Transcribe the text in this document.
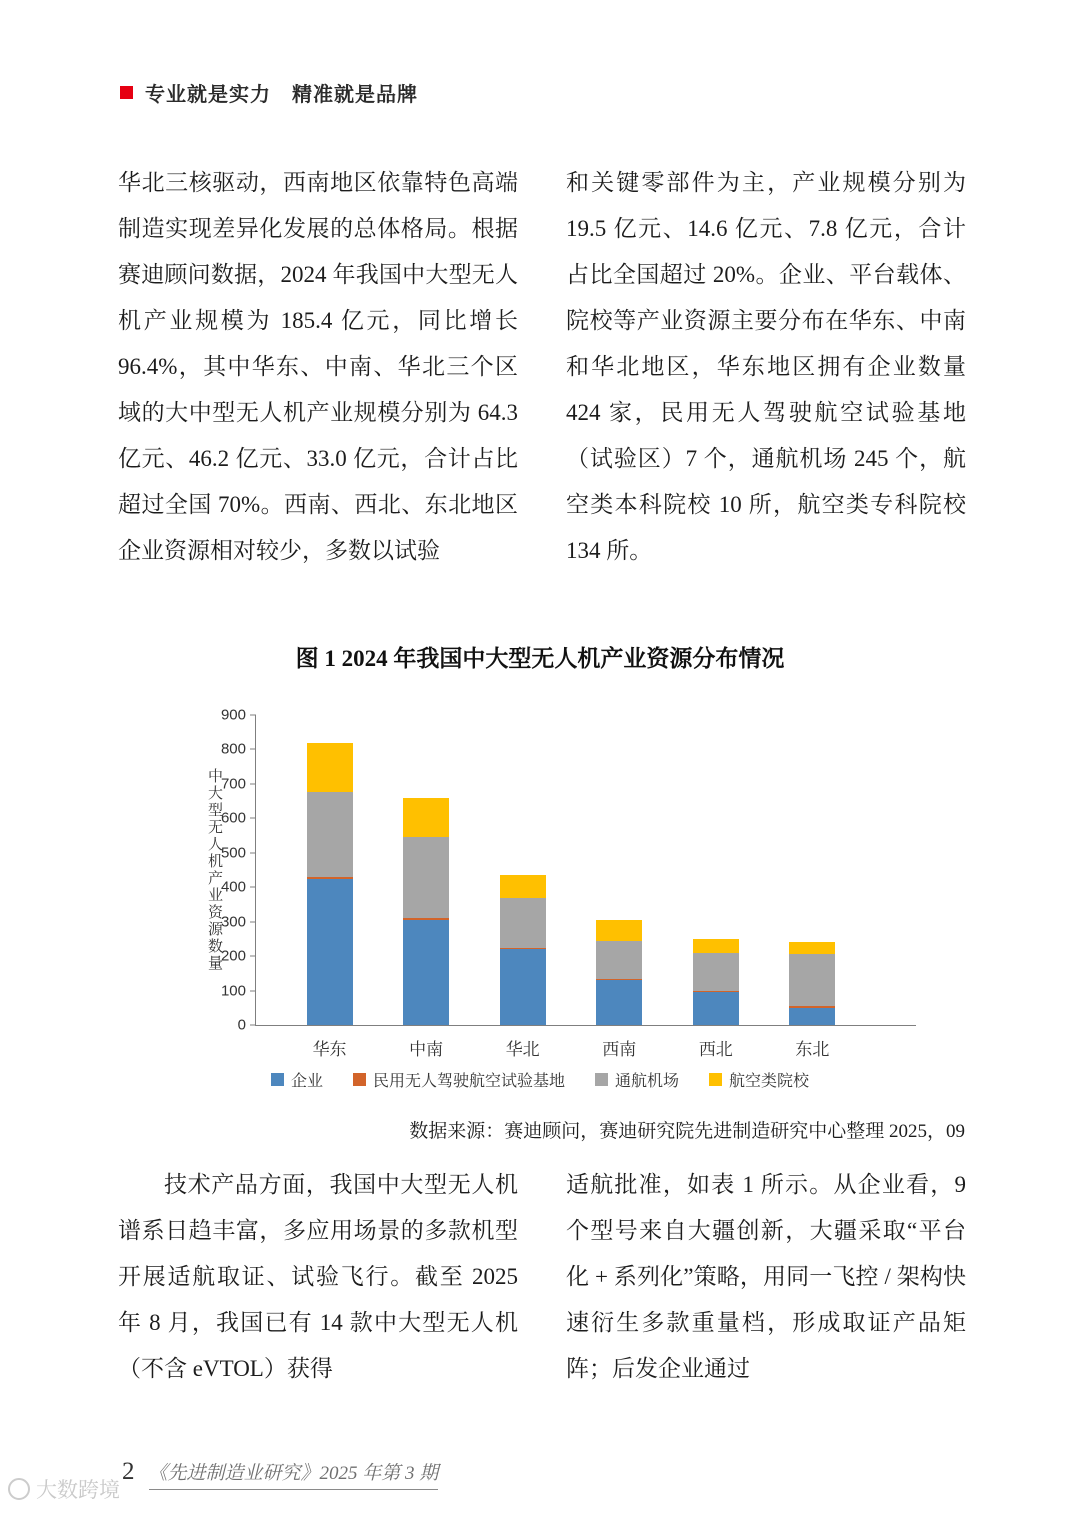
专业就是实力　精准就是品牌
华北三核驱动，西南地区依靠特色高端制造实现差异化发展的总体格局。根据赛迪顾问数据，2024 年我国中大型无人机产业规模为 185.4 亿元，同比增长 96.4%，其中华东、中南、华北三个区域的大中型无人机产业规模分别为 64.3 亿元、46.2 亿元、33.0 亿元，合计占比超过全国 70%。西南、西北、东北地区企业资源相对较少，多数以试验
和关键零部件为主，产业规模分别为 19.5 亿元、14.6 亿元、7.8 亿元，合计占比全国超过 20%。企业、平台载体、院校等产业资源主要分布在华东、中南和华北地区，华东地区拥有企业数量 424 家，民用无人驾驶航空试验基地（试验区）7 个，通航机场 245 个，航空类本科院校 10 所，航空类专科院校 134 所。
图 1 2024 年我国中大型无人机产业资源分布情况
中大型无人机产业资源数量
华东	中南	华北	西南	西北	东北
0
100
200
300
400
500
600
700
800
900
企业	民用无人驾驶航空试验基地	通航机场	航空类院校
数据来源：赛迪顾问，赛迪研究院先进制造研究中心整理 2025，09
技术产品方面，我国中大型无人机谱系日趋丰富，多应用场景的多款机型开展适航取证、试验飞行。截至 2025 年 8 月，我国已有 14 款中大型无人机（不含 eVTOL）获得
适航批准，如表 1 所示。从企业看，9 个型号来自大疆创新，大疆采取“平台化 + 系列化”策略，用同一飞控 / 架构快速衍生多款重量档，形成取证产品矩阵；后发企业通过
2 《先进制造业研究》2025 年第 3 期
大数跨境
